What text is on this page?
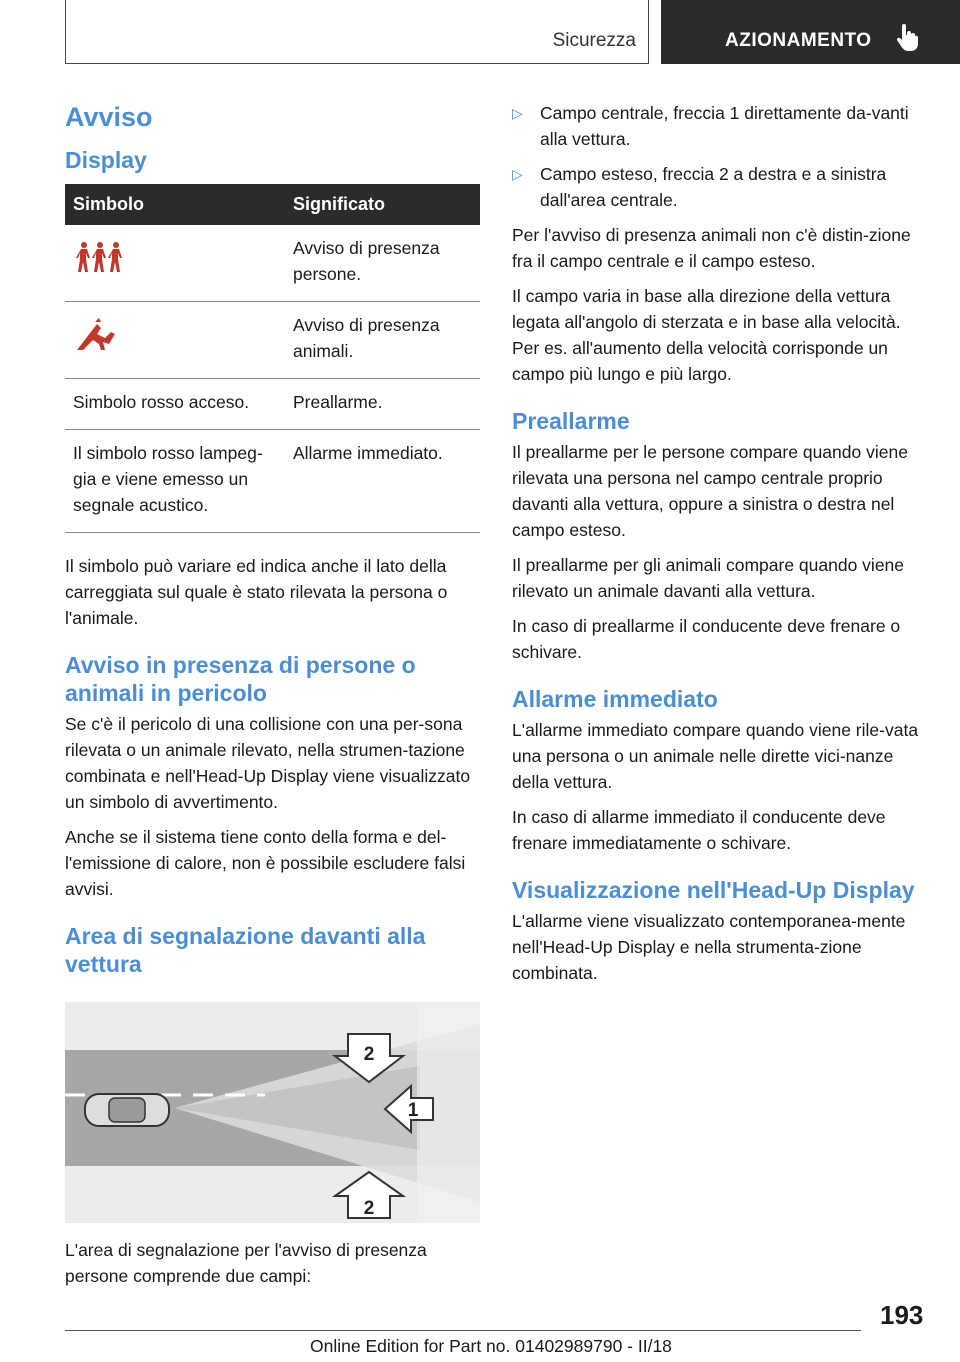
Sicurezza	AZIONAMENTO
Avviso
Display
Simbolo	Significato
	Avviso di presenza persone.
	Avviso di presenza animali.
Simbolo rosso acceso.	Preallarme.
Il simbolo rosso lampeg-gia e viene emesso un segnale acustico.	Allarme immediato.

Il simbolo può variare ed indica anche il lato della carreggiata sul quale è stato rilevata la persona o l'animale.

Avviso in presenza di persone o animali in pericolo

Se c'è il pericolo di una collisione con una per-sona rilevata o un animale rilevato, nella strumen-tazione combinata e nell'Head-Up Display viene visualizzato un simbolo di avvertimento.

Anche se il sistema tiene conto della forma e del-l'emissione di calore, non è possibile escludere falsi avvisi.

Area di segnalazione davanti alla vettura
2
1
2

L'area di segnalazione per l'avviso di presenza persone comprende due campi:

▷ Campo centrale, freccia 1 direttamente da-vanti alla vettura.
▷ Campo esteso, freccia 2 a destra e a sinistra dall'area centrale.

Per l'avviso di presenza animali non c'è distin-zione fra il campo centrale e il campo esteso.

Il campo varia in base alla direzione della vettura legata all'angolo di sterzata e in base alla velocità. Per es. all'aumento della velocità corrisponde un campo più lungo e più largo.

Preallarme

Il preallarme per le persone compare quando viene rilevata una persona nel campo centrale proprio davanti alla vettura, oppure a sinistra o destra nel campo esteso.

Il preallarme per gli animali compare quando viene rilevato un animale davanti alla vettura.

In caso di preallarme il conducente deve frenare o schivare.

Allarme immediato

L'allarme immediato compare quando viene rile-vata una persona o un animale nelle dirette vici-nanze della vettura.

In caso di allarme immediato il conducente deve frenare immediatamente o schivare.

Visualizzazione nell'Head-Up Display

L'allarme viene visualizzato contemporanea-mente nell'Head-Up Display e nella strumenta-zione combinata.

193
Online Edition for Part no. 01402989790 - II/18
